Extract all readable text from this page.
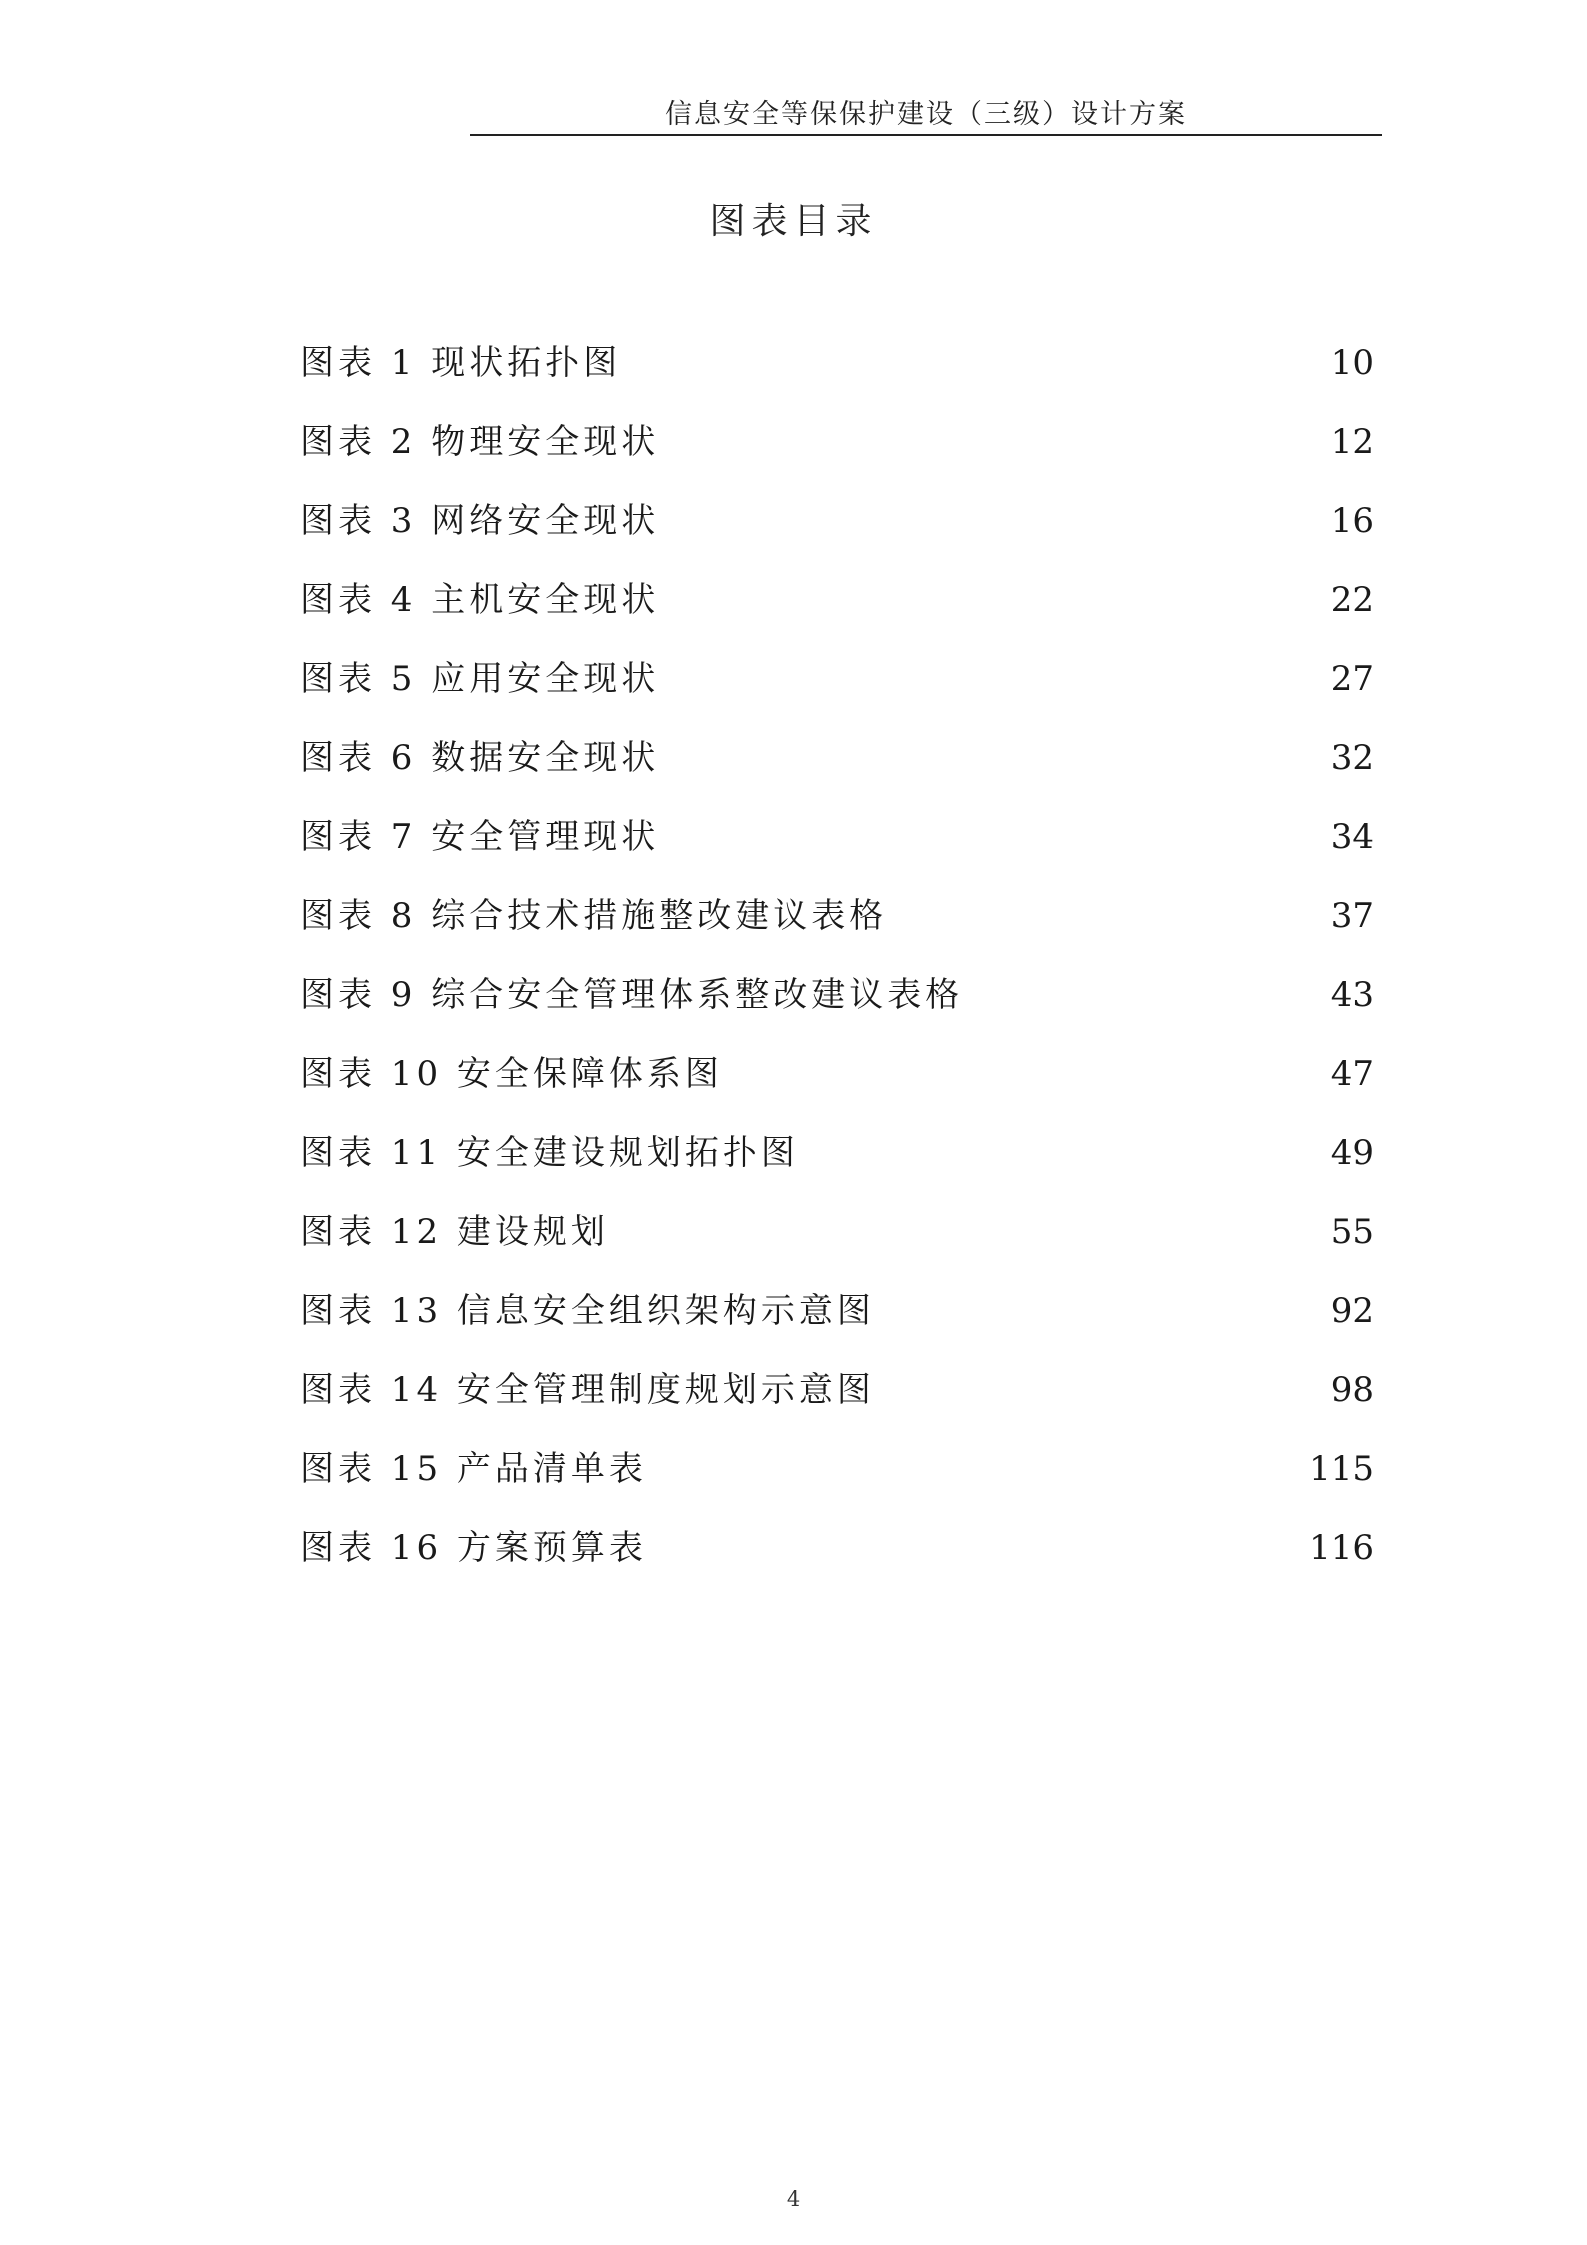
信息安全等保保护建设（三级）设计方案
图表目录
图表 1 现状拓扑图	10
图表 2 物理安全现状	12
图表 3 网络安全现状	16
图表 4 主机安全现状	22
图表 5 应用安全现状	27
图表 6 数据安全现状	32
图表 7 安全管理现状	34
图表 8 综合技术措施整改建议表格	37
图表 9 综合安全管理体系整改建议表格	43
图表 10 安全保障体系图	47
图表 11 安全建设规划拓扑图	49
图表 12 建设规划	55
图表 13 信息安全组织架构示意图	92
图表 14 安全管理制度规划示意图	98
图表 15 产品清单表	115
图表 16 方案预算表	116
4
